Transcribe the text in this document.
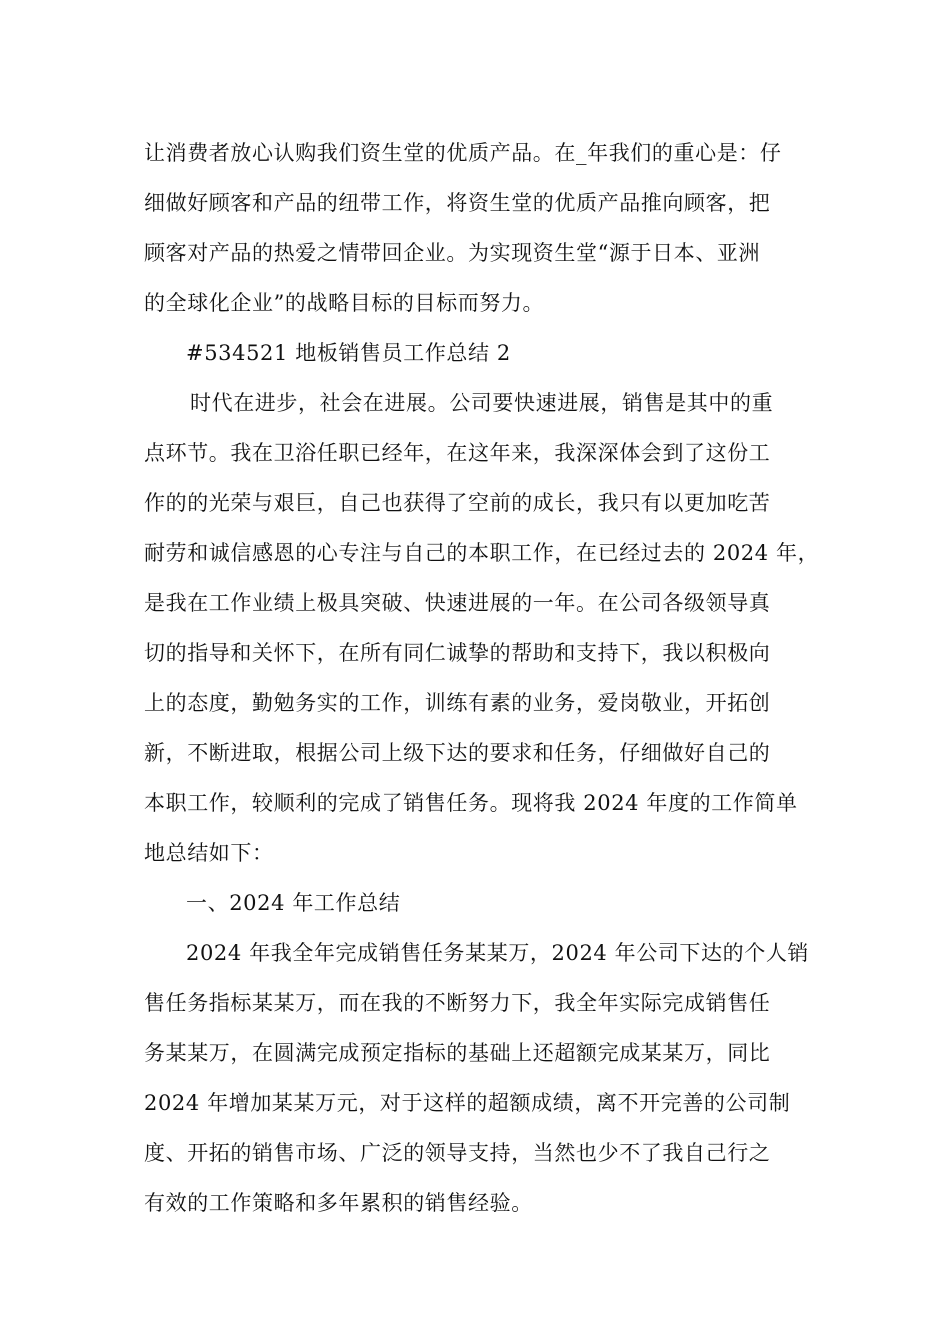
让消费者放心认购我们资生堂的优质产品。在_年我们的重心是：仔
细做好顾客和产品的纽带工作，将资生堂的优质产品推向顾客，把
顾客对产品的热爱之情带回企业。为实现资生堂“源于日本、亚洲
的全球化企业”的战略目标的目标而努力。
#534521 地板销售员工作总结 2
时代在进步，社会在进展。公司要快速进展，销售是其中的重
点环节。我在卫浴任职已经年，在这年来，我深深体会到了这份工
作的的光荣与艰巨，自己也获得了空前的成长，我只有以更加吃苦
耐劳和诚信感恩的心专注与自己的本职工作，在已经过去的 2024 年，
是我在工作业绩上极具突破、快速进展的一年。在公司各级领导真
切的指导和关怀下，在所有同仁诚挚的帮助和支持下，我以积极向
上的态度，勤勉务实的工作，训练有素的业务，爱岗敬业，开拓创
新，不断进取，根据公司上级下达的要求和任务，仔细做好自己的
本职工作，较顺利的完成了销售任务。现将我 2024 年度的工作简单
地总结如下：
一、2024 年工作总结
2024 年我全年完成销售任务某某万，2024 年公司下达的个人销
售任务指标某某万，而在我的不断努力下，我全年实际完成销售任
务某某万，在圆满完成预定指标的基础上还超额完成某某万，同比
2024 年增加某某万元，对于这样的超额成绩，离不开完善的公司制
度、开拓的销售市场、广泛的领导支持，当然也少不了我自己行之
有效的工作策略和多年累积的销售经验。
